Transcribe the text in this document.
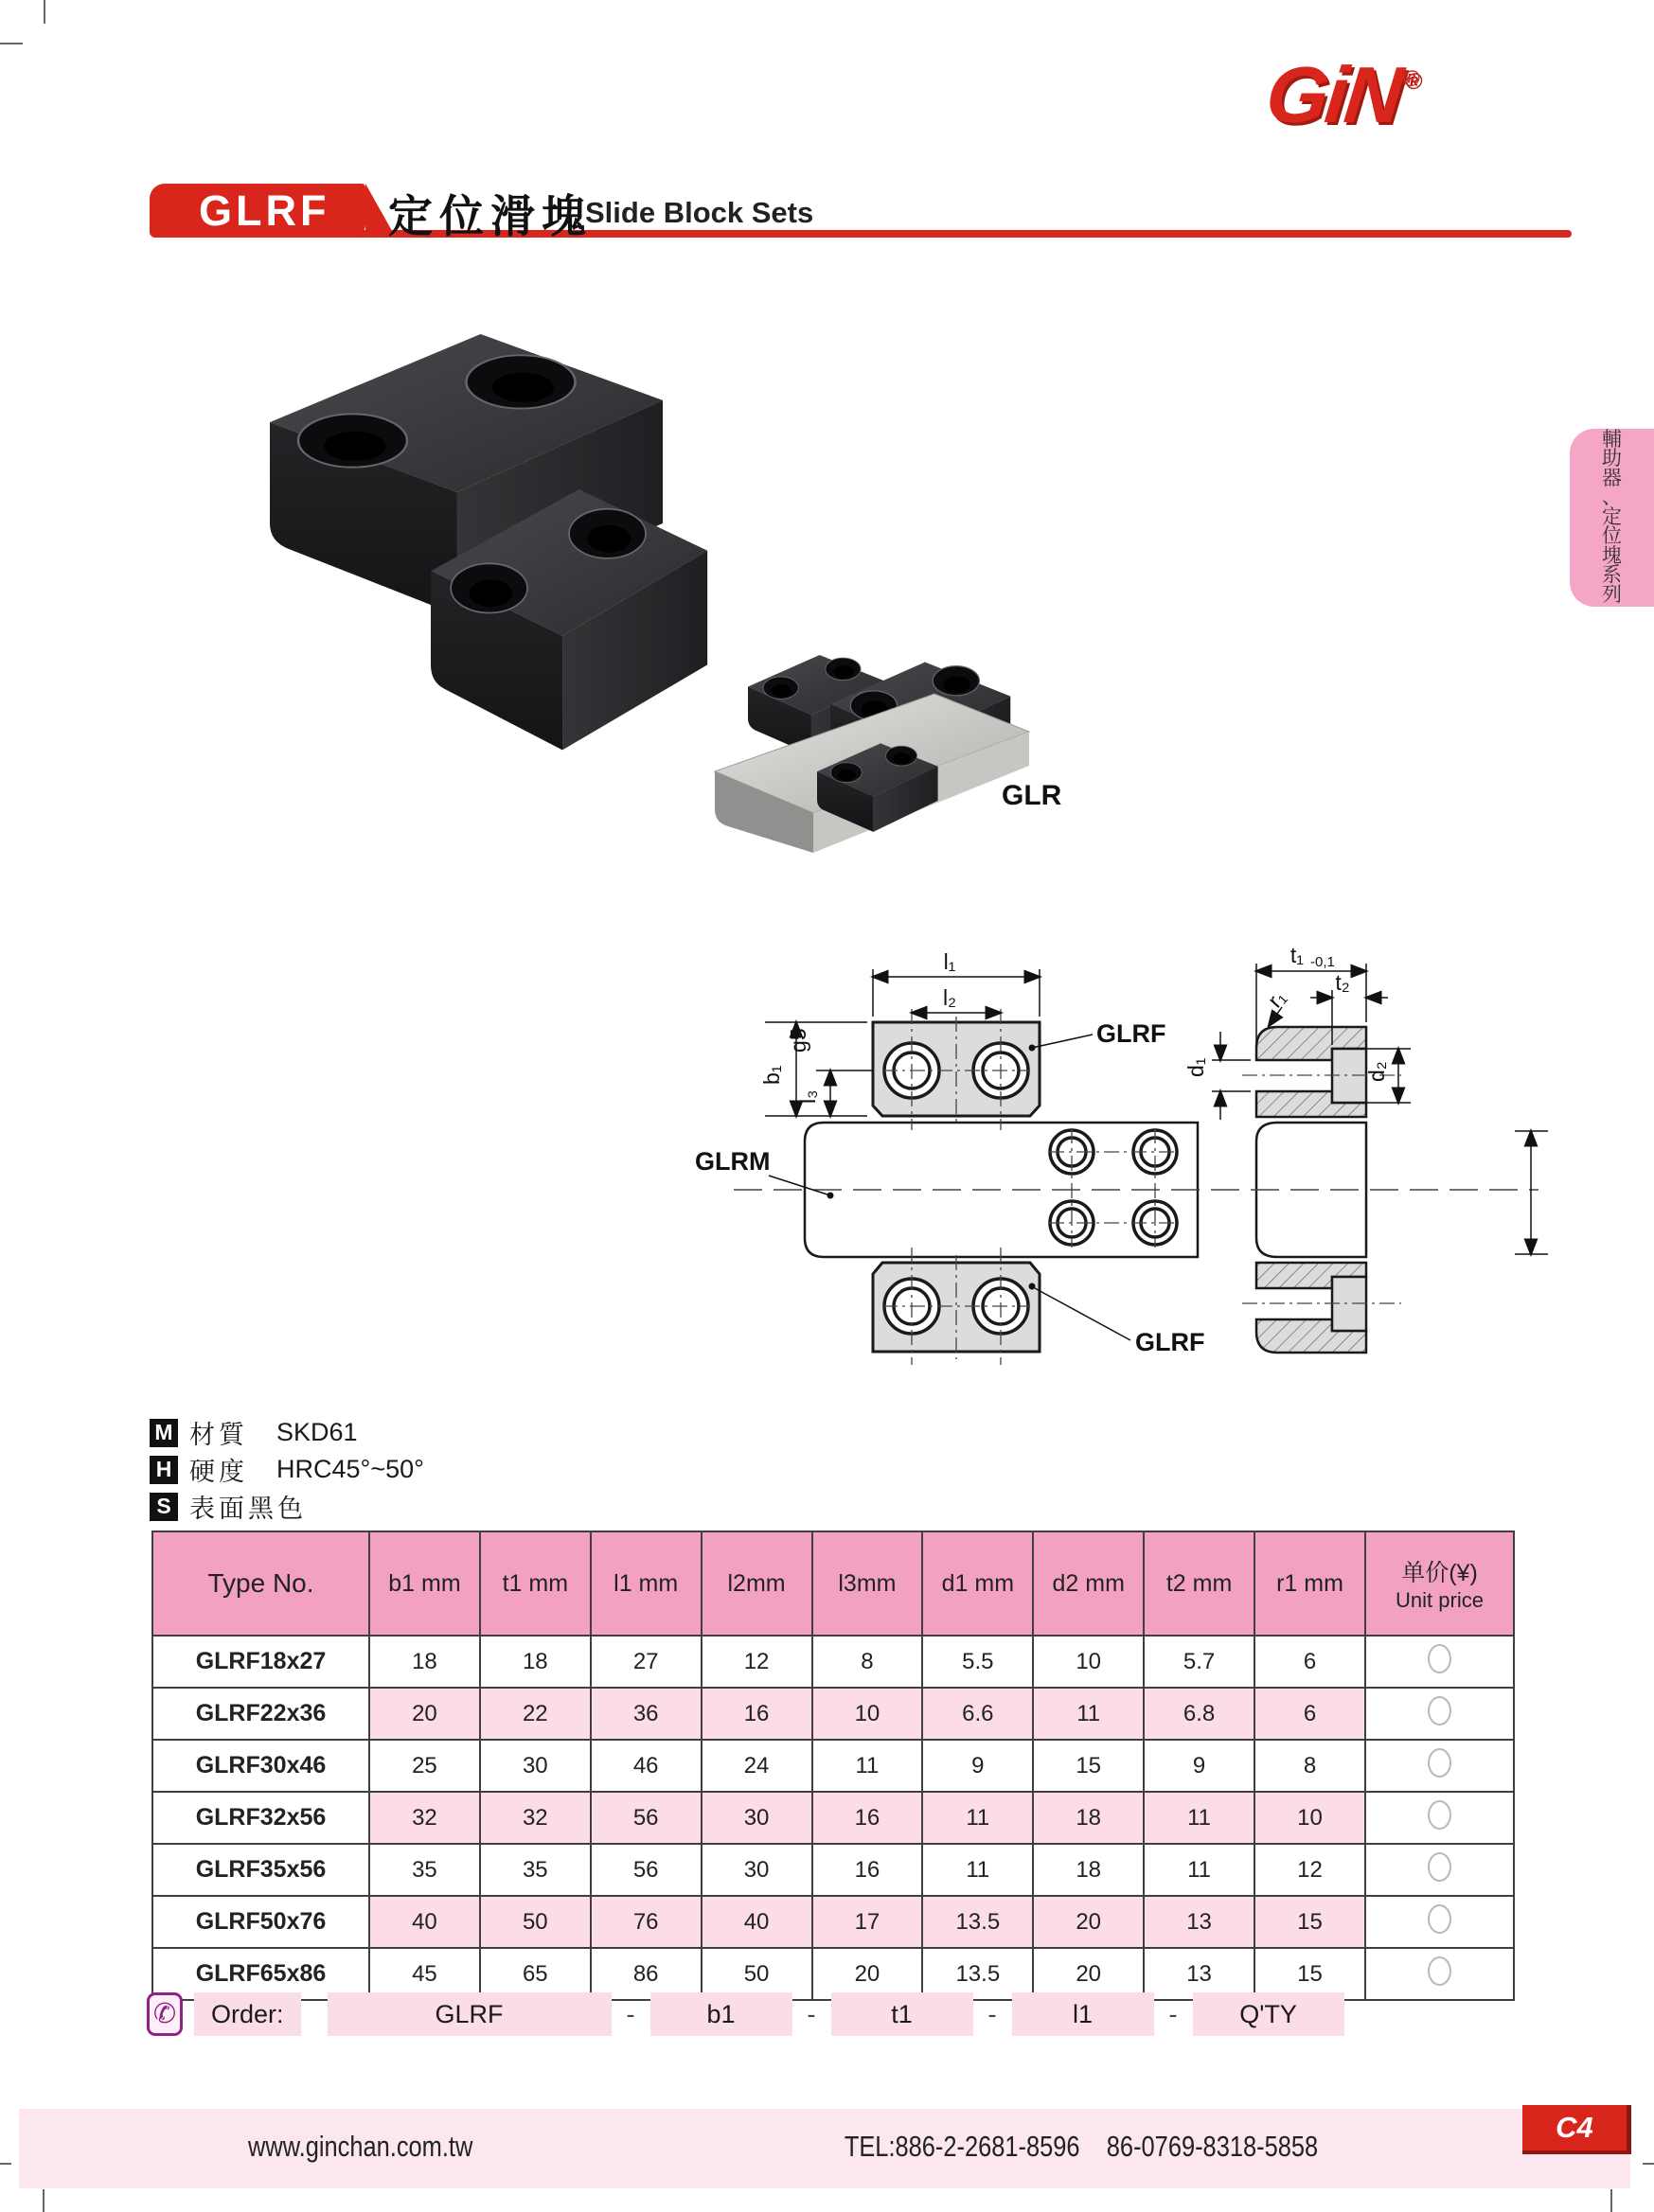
GiN®
GLRF	定位滑塊
Slide Block Sets
輔
助
器
、
定
位
塊
系
列
GLR
l₁
l₂
b₁
g5
l₃
GLRF
GLRM
GLRF
t₁ -0,1
t₂
r₁
d₁	d₂
M 材質 SKD61
H 硬度 HRC45°~50°
S 表面黑色
Type No.	b1 mm	t1 mm	l1 mm	l2mm	l3mm	d1 mm	d2 mm	t2 mm	r1 mm	单价(¥)
Unit price

GLRF18x27	18	18	27	12	8	5.5	10	5.7	6	
GLRF22x36	20	22	36	16	10	6.6	11	6.8	6	
GLRF30x46	25	30	46	24	11	9	15	9	8	
GLRF32x56	32	32	56	30	16	11	18	11	10	
GLRF35x56	35	35	56	30	16	11	18	11	12	
GLRF50x76	40	50	76	40	17	13.5	20	13	15	
GLRF65x86	45	65	86	50	20	13.5	20	13	15	
✆	Order:	GLRF	-	b1	-	t1	-	l1	-	Q'TY
www.ginchan.com.tw	TEL:886-2-2681-8596    86-0769-8318-5858
C4
